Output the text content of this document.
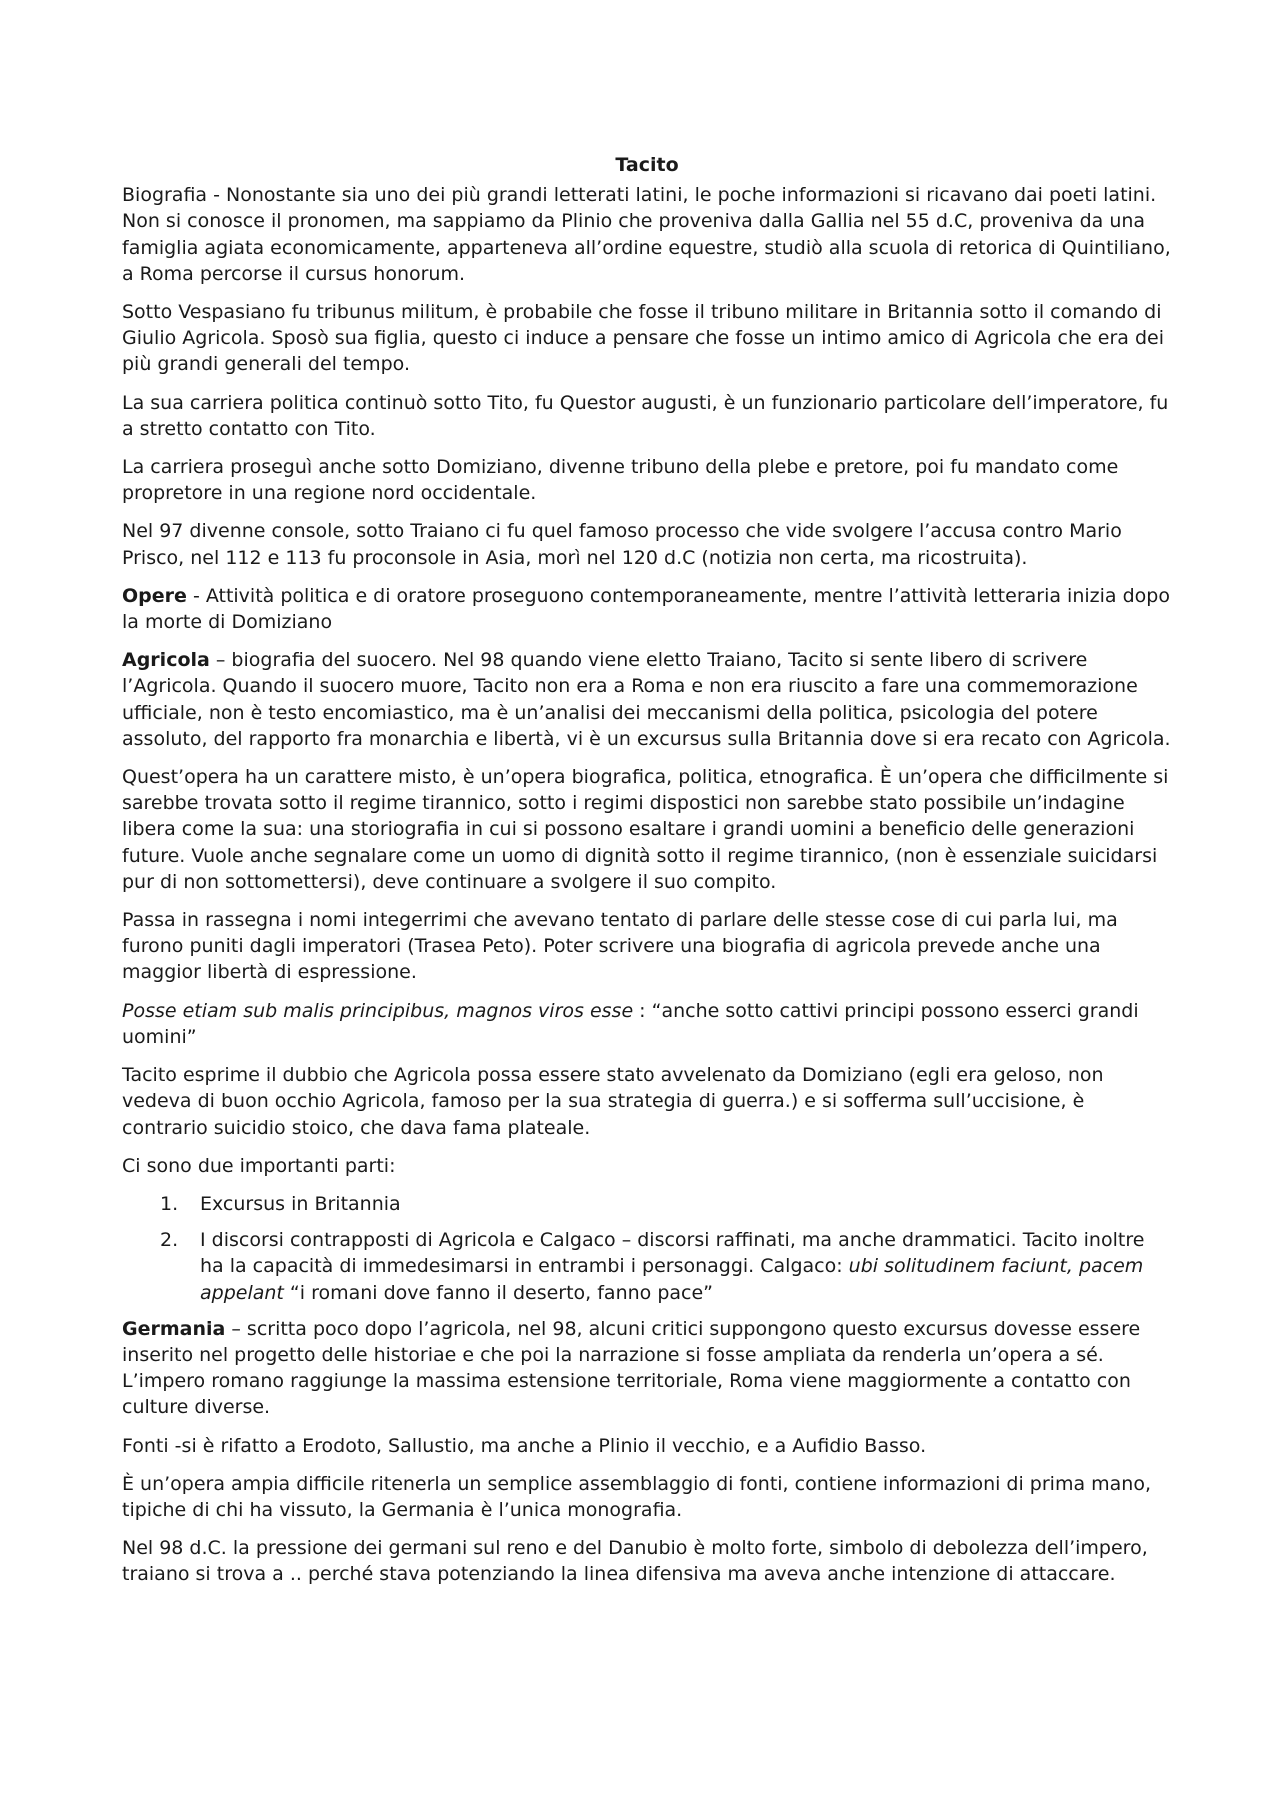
Tacito

Biografia - Nonostante sia uno dei più grandi letterati latini, le poche informazioni si ricavano dai poeti latini. Non si conosce il pronomen, ma sappiamo da Plinio che proveniva dalla Gallia nel 55 d.C, proveniva da una famiglia agiata economicamente, apparteneva all’ordine equestre, studiò alla scuola di retorica di Quintiliano, a Roma percorse il cursus honorum.

Sotto Vespasiano fu tribunus militum, è probabile che fosse il tribuno militare in Britannia sotto il comando di Giulio Agricola. Sposò sua figlia, questo ci induce a pensare che fosse un intimo amico di Agricola che era dei più grandi generali del tempo.

La sua carriera politica continuò sotto Tito, fu Questor augusti, è un funzionario particolare dell’imperatore, fu a stretto contatto con Tito.

La carriera proseguì anche sotto Domiziano, divenne tribuno della plebe e pretore, poi fu mandato come propretore in una regione nord occidentale.

Nel 97 divenne console, sotto Traiano ci fu quel famoso processo che vide svolgere l’accusa contro Mario Prisco, nel 112 e 113 fu proconsole in Asia, morì nel 120 d.C (notizia non certa, ma ricostruita).

Opere - Attività politica e di oratore proseguono contemporaneamente, mentre l’attività letteraria inizia dopo la morte di Domiziano

Agricola – biografia del suocero. Nel 98 quando viene eletto Traiano, Tacito si sente libero di scrivere l’Agricola. Quando il suocero muore, Tacito non era a Roma e non era riuscito a fare una commemorazione ufficiale, non è testo encomiastico, ma è un’analisi dei meccanismi della politica, psicologia del potere assoluto, del rapporto fra monarchia e libertà, vi è un excursus sulla Britannia dove si era recato con Agricola.

Quest’opera ha un carattere misto, è un’opera biografica, politica, etnografica. È un’opera che difficilmente si sarebbe trovata sotto il regime tirannico, sotto i regimi dispostici non sarebbe stato possibile un’indagine libera come la sua: una storiografia in cui si possono esaltare i grandi uomini a beneficio delle generazioni future. Vuole anche segnalare come un uomo di dignità sotto il regime tirannico, (non è essenziale suicidarsi pur di non sottomettersi), deve continuare a svolgere il suo compito.

Passa in rassegna i nomi integerrimi che avevano tentato di parlare delle stesse cose di cui parla lui, ma furono puniti dagli imperatori (Trasea Peto). Poter scrivere una biografia di agricola prevede anche una maggior libertà di espressione.

Posse etiam sub malis principibus, magnos viros esse : “anche sotto cattivi principi possono esserci grandi uomini”

Tacito esprime il dubbio che Agricola possa essere stato avvelenato da Domiziano (egli era geloso, non vedeva di buon occhio Agricola, famoso per la sua strategia di guerra.) e si sofferma sull’uccisione, è contrario suicidio stoico, che dava fama plateale.

Ci sono due importanti parti:

1. Excursus in Britannia
2. I discorsi contrapposti di Agricola e Calgaco – discorsi raffinati, ma anche drammatici. Tacito inoltre ha la capacità di immedesimarsi in entrambi i personaggi. Calgaco: ubi solitudinem faciunt, pacem appelant “i romani dove fanno il deserto, fanno pace”

Germania – scritta poco dopo l’agricola, nel 98, alcuni critici suppongono questo excursus dovesse essere inserito nel progetto delle historiae e che poi la narrazione si fosse ampliata da renderla un’opera a sé. L’impero romano raggiunge la massima estensione territoriale, Roma viene maggiormente a contatto con culture diverse.

Fonti -si è rifatto a Erodoto, Sallustio, ma anche a Plinio il vecchio, e a Aufidio Basso.

È un’opera ampia difficile ritenerla un semplice assemblaggio di fonti, contiene informazioni di prima mano, tipiche di chi ha vissuto, la Germania è l’unica monografia.

Nel 98 d.C. la pressione dei germani sul reno e del Danubio è molto forte, simbolo di debolezza dell’impero, traiano si trova a .. perché stava potenziando la linea difensiva ma aveva anche intenzione di attaccare.
